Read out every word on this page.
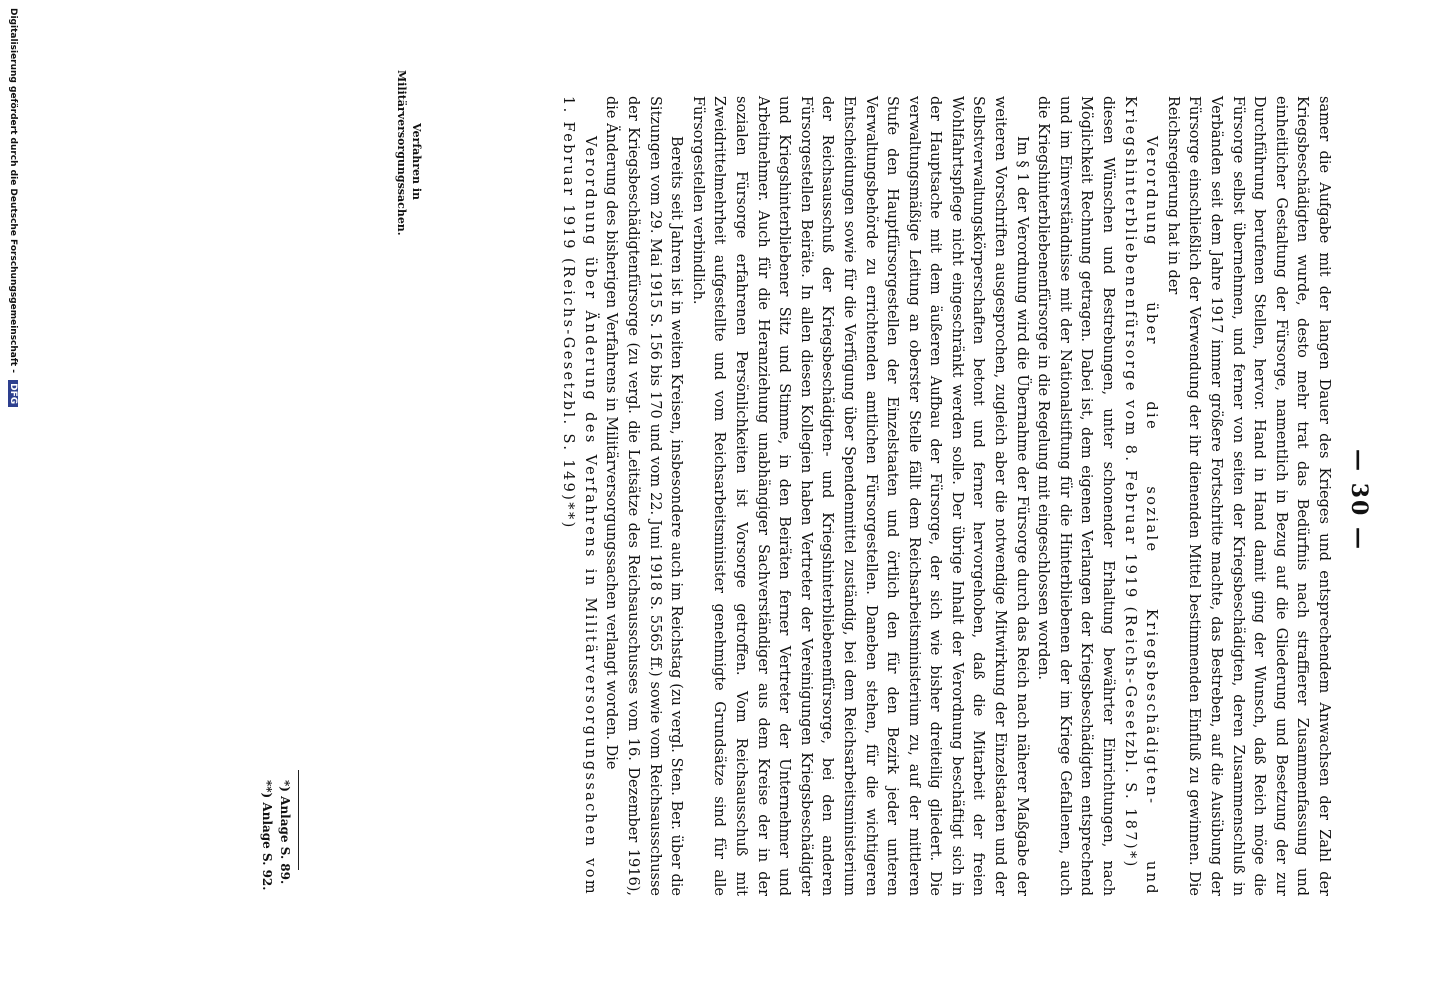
— 30 —

samer die Aufgabe mit der langen Dauer des Krieges und entsprechendem Anwachsen der Zahl der Kriegsbeschädigten wurde, desto mehr trat das Bedürfnis nach straffierer Zusammenfassung und einheitlicher Gestaltung der Fürsorge, namentlich in Bezug auf die Gliederung und Besetzung der zur Durchführung berufenen Stellen, hervor. Hand in Hand damit ging der Wunsch, daß Reich möge die Fürsorge selbst übernehmen, und ferner von seiten der Kriegsbeschädigten, deren Zusammenschluß in Verbänden seit dem Jahre 1917 immer größere Fortschritte machte, das Bestreben, auf die Ausübung der Fürsorge einschließlich der Verwendung der ihr dienenden Mittel bestimmenden Einfluß zu gewinnen. Die Reichsregierung hat in der

Verordnung über die soziale Kriegsbeschädigten- und Kriegshinterbliebenenfürsorge vom 8. Februar 1919 (Reichs-Gesetzbl. S. 187)*)

diesen Wünschen und Bestrebungen, unter schonender Erhaltung bewährter Einrichtungen, nach Möglichkeit Rechnung getragen. Dabei ist, dem eigenen Verlangen der Kriegsbeschädigten entsprechend und im Einverständnisse mit der Nationalstiftung für die Hinterbliebenen der im Kriege Gefallenen, auch die Kriegshinterbliebenenfürsorge in die Regelung mit eingeschlossen worden.

Im § 1 der Verordnung wird die Übernahme der Fürsorge durch das Reich nach näherer Maßgabe der weiteren Vorschriften ausgesprochen, zugleich aber die notwendige Mitwirkung der Einzelstaaten und der Selbstverwaltungskörperschaften betont und ferner hervorgehoben, daß die Mitarbeit der freien Wohlfahrtspflege nicht eingeschränkt werden solle. Der übrige Inhalt der Verordnung beschäftigt sich in der Hauptsache mit dem äußeren Aufbau der Fürsorge, der sich wie bisher dreiteilig gliedert. Die verwaltungsmäßige Leitung an oberster Stelle fällt dem Reichsarbeitsministerium zu, auf der mittleren Stufe den Hauptfürsorgestellen der Einzelstaaten und örtlich den für den Bezirk jeder unteren Verwaltungsbehörde zu errichtenden amtlichen Fürsorgestellen. Daneben stehen, für die wichtigeren Entscheidungen sowie für die Verfügung über Spendenmittel zuständig, bei dem Reichsarbeitsministerium der Reichsausschuß der Kriegsbeschädigten- und Kriegshinterbliebenenfürsorge, bei den anderen Fürsorgestellen Beiräte. In allen diesen Kollegien haben Vertreter der Vereinigungen Kriegsbeschädigter und Kriegshinterbliebener Sitz und Stimme, in den Beiräten ferner Vertreter der Unternehmer und Arbeitnehmer. Auch für die Heranziehung unabhängiger Sachverständiger aus dem Kreise der in der sozialen Fürsorge erfahrenen Persönlichkeiten ist Vorsorge getroffen. Vom Reichsausschuß mit Zweidrittelmehrheit aufgestellte und vom Reichsarbeitsminister genehmigte Grundsätze sind für alle Fürsorgestellen verbindlich.

Bereits seit Jahren ist in weiten Kreisen, insbesondere auch im Reichstag (zu vergl. Sten. Ber. über die Sitzungen vom 29. Mai 1915 S. 156 bis 170 und vom 22. Juni 1918 S. 5565 ff.) sowie vom Reichsausschusse der Kriegsbeschädigtenfürsorge (zu vergl. die Leitsätze des Reichsausschusses vom 16. Dezember 1916), die Änderung des bisherigen Verfahrens in Militärversorgungssachen verlangt worden. Die

Verordnung über Änderung des Verfahrens in Militärversorgungssachen vom 1. Februar 1919 (Reichs-Gesetzbl. S. 149)**)

Verfahren in Militärversorgungssachen.
*) Anlage S. 89.
**) Anlage S. 92.
Digitalisierung gefördert durch die Deutsche Forschungsgemeinschaft - DFG
